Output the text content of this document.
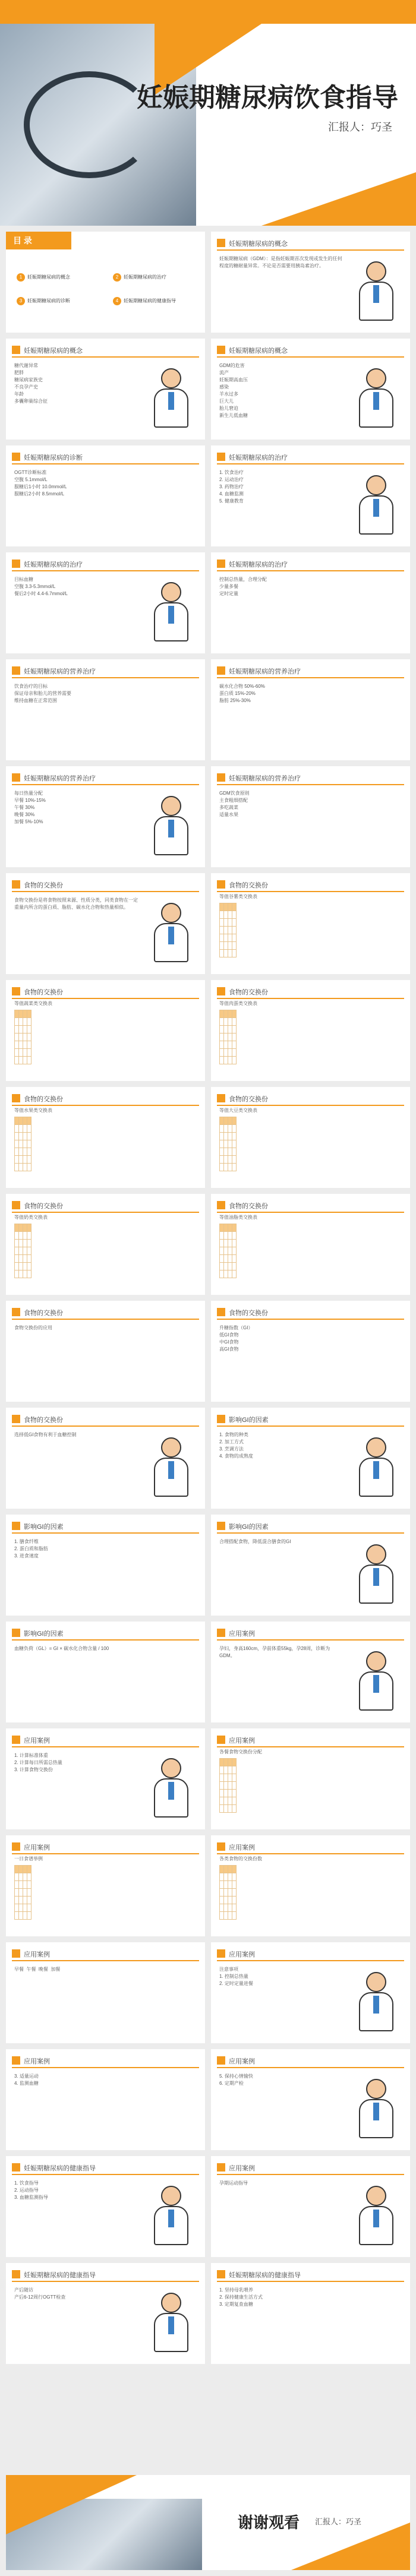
妊娠期糖尿病饮食指导
汇报人：巧圣
目 录
1 妊娠期糖尿病的概念	2 妊娠期糖尿病的治疗
3 妊娠期糖尿病的诊断	4 妊娠期糖尿病的健康指导
妊娠期糖尿病的概念
妊娠期糖尿病（GDM）：是指妊娠期首次发现或发生的任何程度的糖耐量异常。不论是否需要用胰岛素治疗。
妊娠期糖尿病的概念
糖代谢异常
肥胖
糖尿病家族史
不良孕产史
年龄
多囊卵巢综合征
妊娠期糖尿病的概念
GDM的危害
流产
妊娠期高血压
感染
羊水过多
巨大儿
胎儿窘迫
新生儿低血糖
妊娠期糖尿病的诊断
OGTT诊断标准
空腹 5.1mmol/L
服糖后1小时 10.0mmol/L
服糖后2小时 8.5mmol/L
妊娠期糖尿病的治疗
1. 饮食治疗
2. 运动治疗
3. 药物治疗
4. 血糖监测
5. 健康教育
妊娠期糖尿病的治疗
目标血糖
空腹 3.3-5.3mmol/L
餐后2小时 4.4-6.7mmol/L
妊娠期糖尿病的治疗
控制总热量，合理分配
少量多餐
定时定量
妊娠期糖尿病的营养治疗
饮食治疗的目标
保证母亲和胎儿的营养需要
维持血糖在正常范围
妊娠期糖尿病的营养治疗
碳水化合物 50%-60%
蛋白质 15%-20%
脂肪 25%-30%
妊娠期糖尿病的营养治疗
每日热量分配
早餐 10%-15%
午餐 30%
晚餐 30%
加餐 5%-10%
妊娠期糖尿病的营养治疗
GDM饮食原则
主食粗细搭配
多吃蔬菜
适量水果
食物的交换份
食物交换份是将食物按照来源、性质分类，同类食物在一定重量内所含的蛋白质、脂肪、碳水化合物和热量相似。
食物的交换份
等值谷薯类交换表

食物的交换份
等值蔬菜类交换表

食物的交换份
等值肉蛋类交换表

食物的交换份
等值水果类交换表

食物的交换份
等值大豆类交换表

食物的交换份
等值奶类交换表

食物的交换份
等值油脂类交换表

食物的交换份
食物交换份的应用
食物的交换份
升糖指数（GI）
低GI食物
中GI食物
高GI食物
食物的交换份
选择低GI食物有利于血糖控制
影响GI的因素
1. 食物的种类
2. 加工方式
3. 烹调方法
4. 食物的成熟度
影响GI的因素
1. 膳食纤维
2. 蛋白质和脂肪
3. 进食速度
影响GI的因素
合理搭配食物，降低混合膳食的GI
影响GI的因素
血糖负荷（GL）= GI × 碳水化合物含量 / 100
应用案例
孕妇，身高160cm，孕前体重55kg，孕28周，诊断为GDM。
应用案例
1. 计算标准体重
2. 计算每日所需总热量
3. 计算食物交换份
应用案例
各餐食物交换份分配

应用案例
一日食谱举例

应用案例
各类食物的交换份数

应用案例
早餐  午餐  晚餐  加餐
应用案例
注意事项
1. 控制总热量
2. 定时定量进餐
应用案例
3. 适量运动
4. 监测血糖
应用案例
5. 保持心情愉快
6. 定期产检
妊娠期糖尿病的健康指导
1. 饮食指导
2. 运动指导
3. 血糖监测指导
应用案例
孕期运动指导
妊娠期糖尿病的健康指导
产后随访
产后6-12周行OGTT检查
妊娠期糖尿病的健康指导
1. 坚持母乳喂养
2. 保持健康生活方式
3. 定期复查血糖
谢谢观看 汇报人：巧圣
